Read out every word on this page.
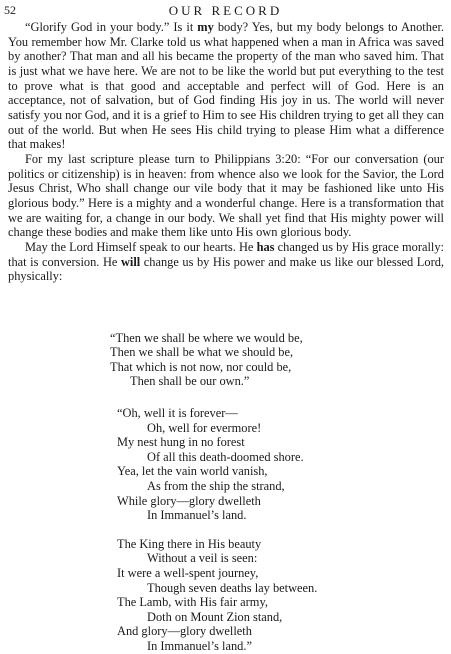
52	OUR RECORD

“Glorify God in your body.” Is it my body? Yes, but my body belongs to Another. You remember how Mr. Clarke told us what happened when a man in Africa was saved by another? That man and all his became the property of the man who saved him. That is just what we have here. We are not to be like the world but put everything to the test to prove what is that good and acceptable and perfect will of God. Here is an acceptance, not of salvation, but of God finding His joy in us. The world will never satisfy you nor God, and it is a grief to Him to see His children trying to get all they can out of the world. But when He sees His child trying to please Him what a difference that makes!

For my last scripture please turn to Philippians 3:20: “For our conversation (our politics or citizenship) is in heaven: from whence also we look for the Savior, the Lord Jesus Christ, Who shall change our vile body that it may be fashioned like unto His glorious body.” Here is a mighty and a wonderful change. Here is a transformation that we are waiting for, a change in our body. We shall yet find that His mighty power will change these bodies and make them like unto His own glorious body.

May the Lord Himself speak to our hearts. He has changed us by His grace morally: that is conversion. He will change us by His power and make us like our blessed Lord, physically:

“Then we shall be where we would be,
Then we shall be what we should be,
That which is not now, nor could be,
Then shall be our own.”
“Oh, well it is forever—
Oh, well for evermore!
My nest hung in no forest
Of all this death-doomed shore.
Yea, let the vain world vanish,
As from the ship the strand,
While glory—glory dwelleth
In Immanuel’s land.
The King there in His beauty
Without a veil is seen:
It were a well-spent journey,
Though seven deaths lay between.
The Lamb, with His fair army,
Doth on Mount Zion stand,
And glory—glory dwelleth
In Immanuel’s land.”
